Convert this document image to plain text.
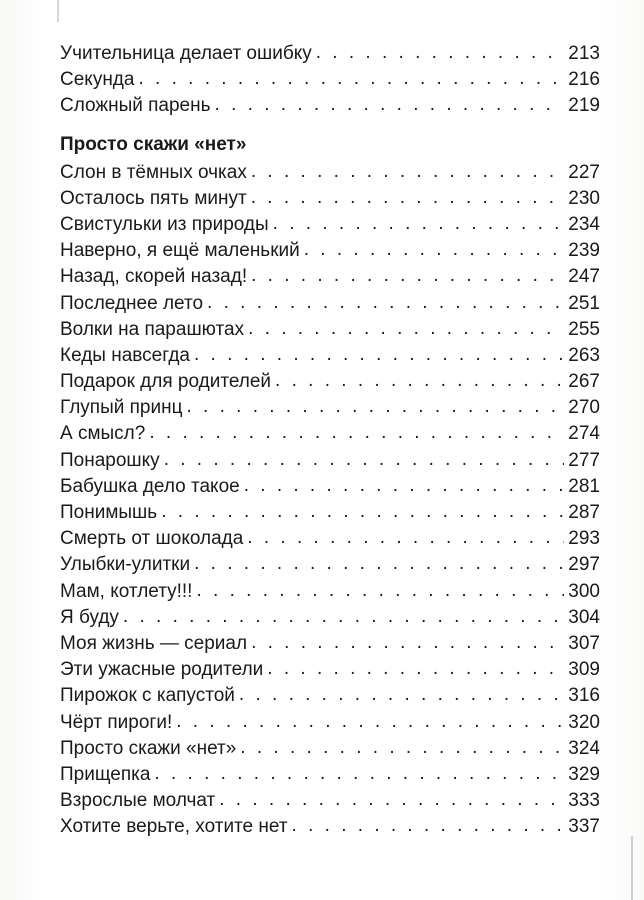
Учительница делает ошибку . . .	213
Секунда . . .	216
Сложный парень . . .	219
Просто скажи «нет»
Слон в тёмных очках . . .	227
Осталось пять минут . . .	230
Свистульки из природы . . .	234
Наверно, я ещё маленький . . .	239
Назад, скорей назад! . . .	247
Последнее лето . . .	251
Волки на парашютах . . .	255
Кеды навсегда . . .	263
Подарок для родителей . . .	267
Глупый принц . . .	270
А смысл? . . .	274
Понарошку . . .	277
Бабушка дело такое . . .	281
Понимышь . . .	287
Смерть от шоколада . . .	293
Улыбки-улитки . . .	297
Мам, котлету!!! . . .	300
Я буду . . .	304
Моя жизнь — сериал . . .	307
Эти ужасные родители . . .	309
Пирожок с капустой . . .	316
Чёрт пироги! . . .	320
Просто скажи «нет» . . .	324
Прищепка . . .	329
Взрослые молчат . . .	333
Хотите верьте, хотите нет . . .	337
